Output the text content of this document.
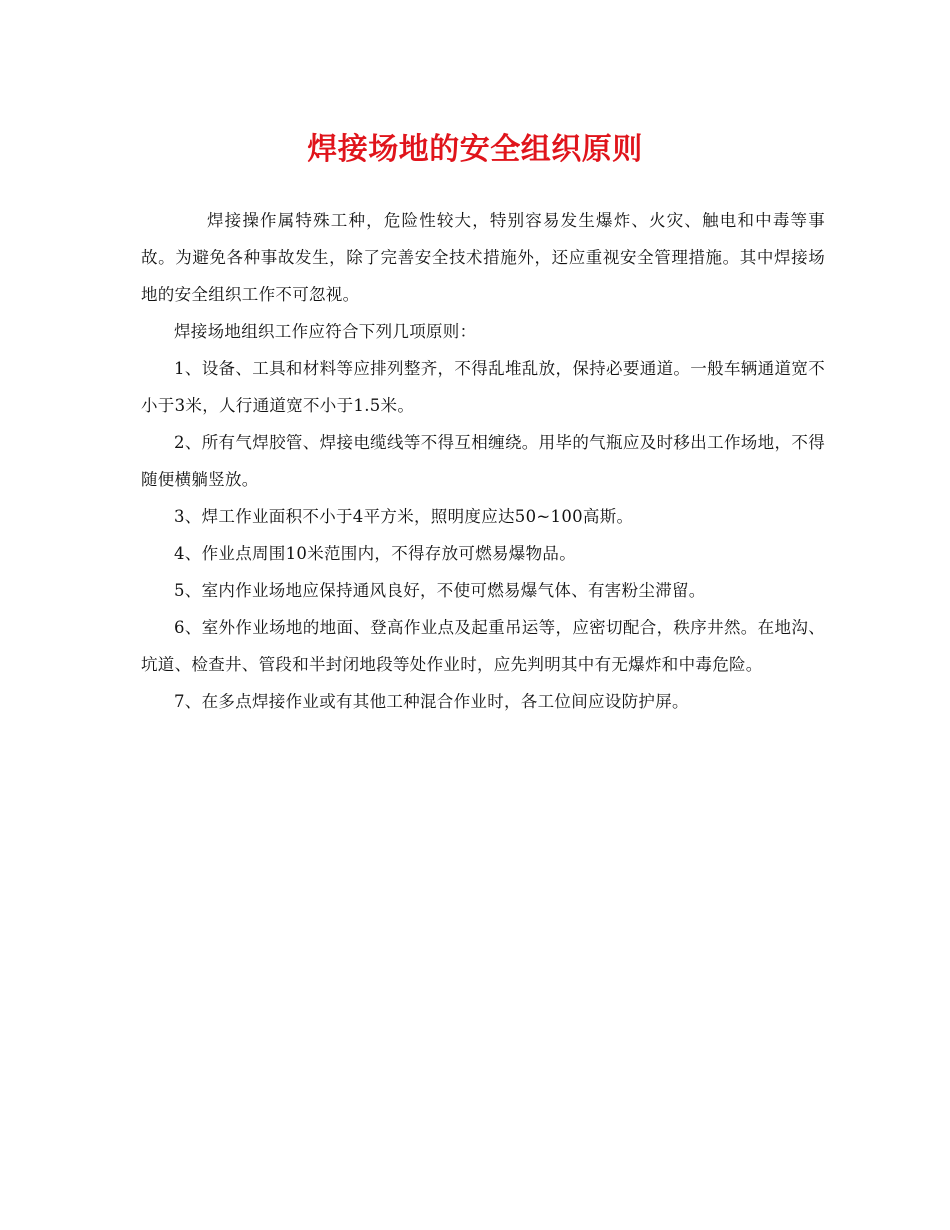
焊接场地的安全组织原则

焊接操作属特殊工种，危险性较大，特别容易发生爆炸、火灾、触电和中毒等事故。为避免各种事故发生，除了完善安全技术措施外，还应重视安全管理措施。其中焊接场地的安全组织工作不可忽视。

焊接场地组织工作应符合下列几项原则：

1、设备、工具和材料等应排列整齐，不得乱堆乱放，保持必要通道。一般车辆通道宽不小于3米，人行通道宽不小于1.5米。

2、所有气焊胶管、焊接电缆线等不得互相缠绕。用毕的气瓶应及时移出工作场地，不得随便横躺竖放。

3、焊工作业面积不小于4平方米，照明度应达50~100高斯。

4、作业点周围10米范围内，不得存放可燃易爆物品。

5、室内作业场地应保持通风良好，不使可燃易爆气体、有害粉尘滞留。

6、室外作业场地的地面、登高作业点及起重吊运等，应密切配合，秩序井然。在地沟、坑道、检查井、管段和半封闭地段等处作业时，应先判明其中有无爆炸和中毒危险。

7、在多点焊接作业或有其他工种混合作业时，各工位间应设防护屏。
